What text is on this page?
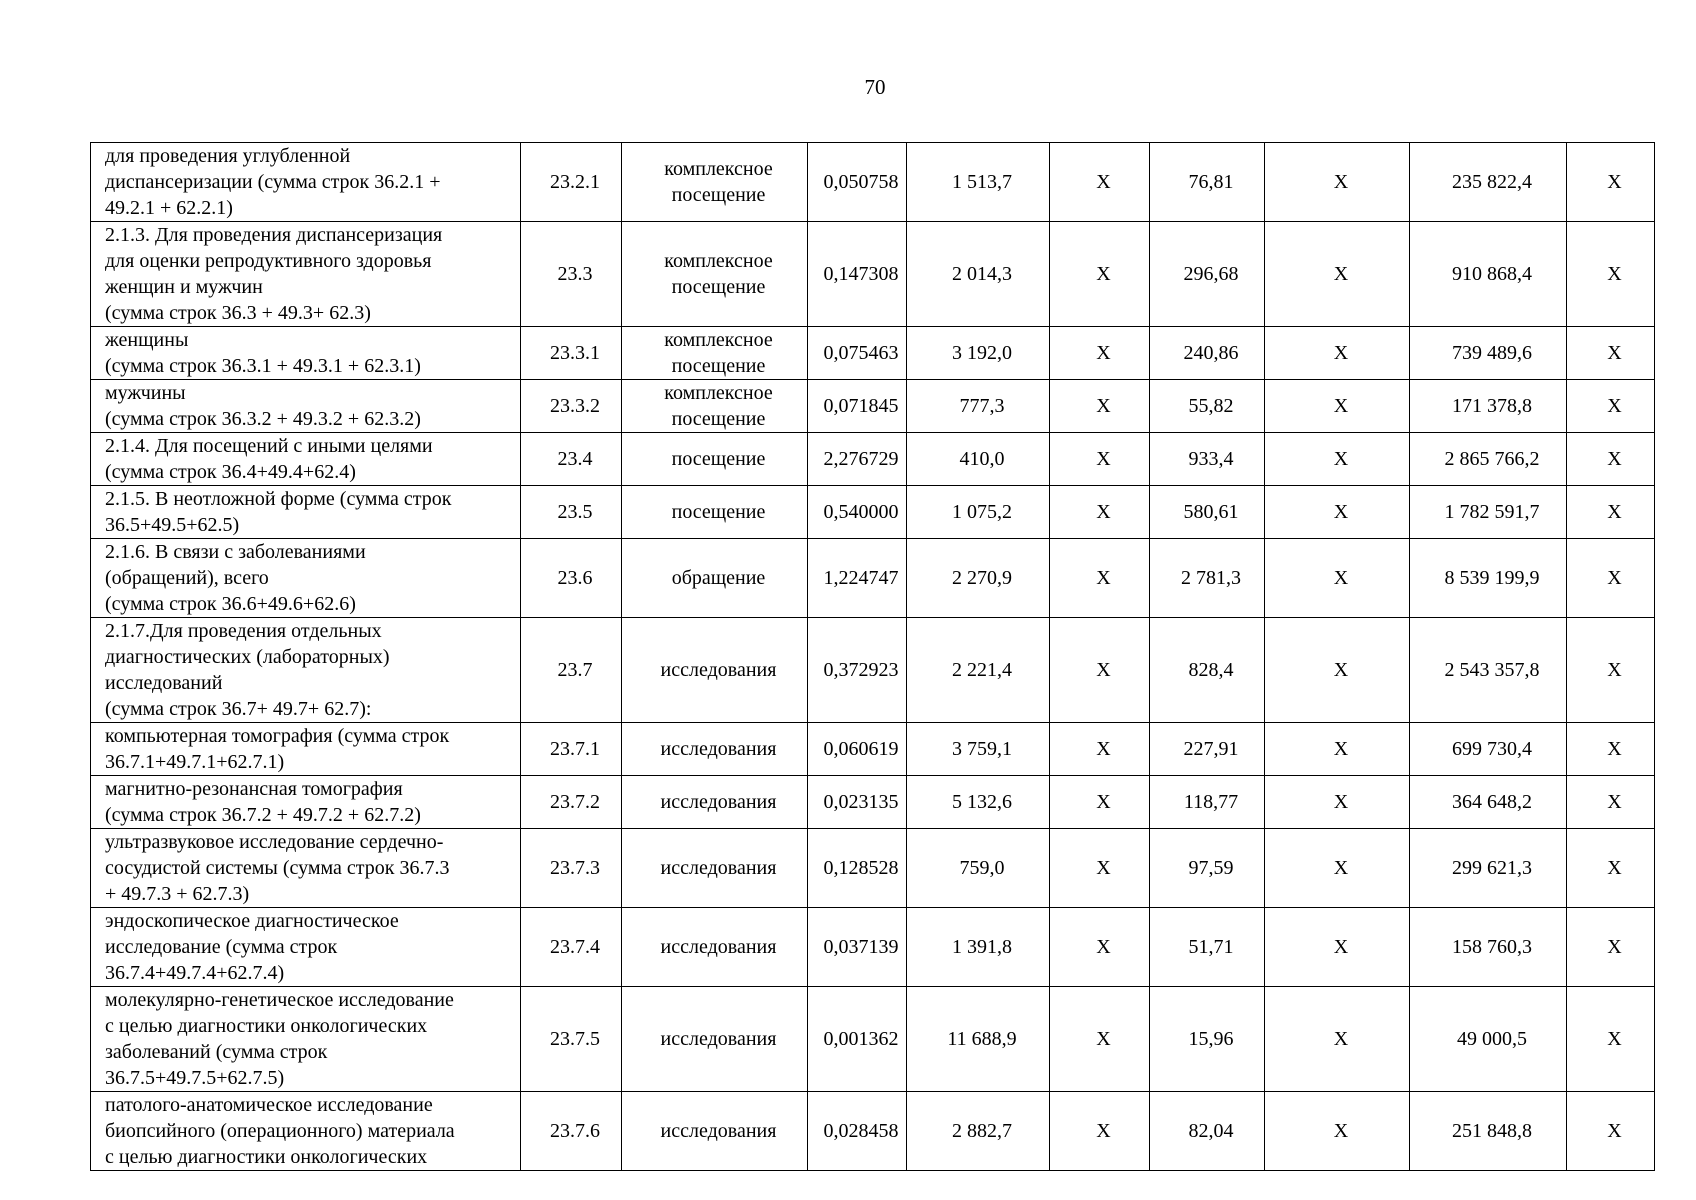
70
для проведения углубленной
диспансеризации (сумма строк 36.2.1 +
49.2.1 + 62.2.1)	23.2.1	комплексное
посещение	0,050758	1 513,7	X	76,81	X	235 822,4	X
2.1.3. Для проведения диспансеризация
для оценки репродуктивного здоровья
женщин и мужчин
(сумма строк 36.3 + 49.3+ 62.3)	23.3	комплексное
посещение	0,147308	2 014,3	X	296,68	X	910 868,4	X
женщины
(сумма строк 36.3.1 + 49.3.1 + 62.3.1)	23.3.1	комплексное
посещение	0,075463	3 192,0	X	240,86	X	739 489,6	X
мужчины
(сумма строк 36.3.2 + 49.3.2 + 62.3.2)	23.3.2	комплексное
посещение	0,071845	777,3	X	55,82	X	171 378,8	X
2.1.4. Для посещений с иными целями
(сумма строк 36.4+49.4+62.4)	23.4	посещение	2,276729	410,0	X	933,4	X	2 865 766,2	X
2.1.5. В неотложной форме (сумма строк
36.5+49.5+62.5)	23.5	посещение	0,540000	1 075,2	X	580,61	X	1 782 591,7	X
2.1.6. В связи с заболеваниями
(обращений), всего
(сумма строк 36.6+49.6+62.6)	23.6	обращение	1,224747	2 270,9	X	2 781,3	X	8 539 199,9	X
2.1.7.Для проведения отдельных
диагностических (лабораторных)
исследований
(сумма строк 36.7+ 49.7+ 62.7):	23.7	исследования	0,372923	2 221,4	X	828,4	X	2 543 357,8	X
компьютерная томография (сумма строк
36.7.1+49.7.1+62.7.1)	23.7.1	исследования	0,060619	3 759,1	X	227,91	X	699 730,4	X
магнитно-резонансная томография
(сумма строк 36.7.2 + 49.7.2 + 62.7.2)	23.7.2	исследования	0,023135	5 132,6	X	118,77	X	364 648,2	X
ультразвуковое исследование сердечно-
сосудистой системы (сумма строк 36.7.3
+ 49.7.3 + 62.7.3)	23.7.3	исследования	0,128528	759,0	X	97,59	X	299 621,3	X
эндоскопическое диагностическое
исследование (сумма строк
36.7.4+49.7.4+62.7.4)	23.7.4	исследования	0,037139	1 391,8	X	51,71	X	158 760,3	X
молекулярно-генетическое исследование
с целью диагностики онкологических
заболеваний (сумма строк
36.7.5+49.7.5+62.7.5)	23.7.5	исследования	0,001362	11 688,9	X	15,96	X	49 000,5	X
патолого-анатомическое исследование
биопсийного (операционного) материала
с целью диагностики онкологических	23.7.6	исследования	0,028458	2 882,7	X	82,04	X	251 848,8	X
